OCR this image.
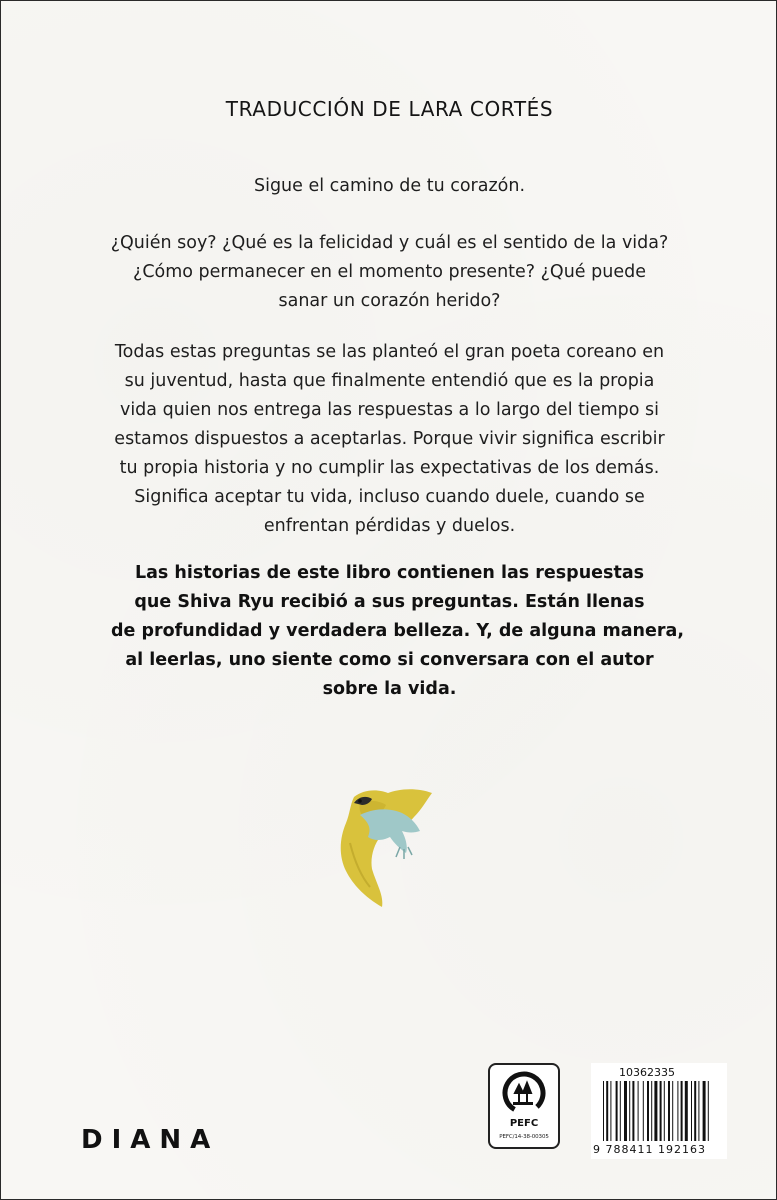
TRADUCCIÓN DE LARA CORTÉS
Sigue el camino de tu corazón.
¿Quién soy? ¿Qué es la felicidad y cuál es el sentido de la vida?
¿Cómo permanecer en el momento presente? ¿Qué puede
sanar un corazón herido?
Todas estas preguntas se las planteó el gran poeta coreano en
su juventud, hasta que finalmente entendió que es la propia
vida quien nos entrega las respuestas a lo largo del tiempo si
estamos dispuestos a aceptarlas. Porque vivir significa escribir
tu propia historia y no cumplir las expectativas de los demás.
Significa aceptar tu vida, incluso cuando duele, cuando se
enfrentan pérdidas y duelos.
Las historias de este libro contienen las respuestas
que Shiva Ryu recibió a sus preguntas. Están llenas
de profundidad y verdadera belleza. Y, de alguna manera,
al leerlas, uno siente como si conversara con el autor
sobre la vida.
DIANA
PEFC
PEFC/14-38-00305
10362335
9 788411 192163
